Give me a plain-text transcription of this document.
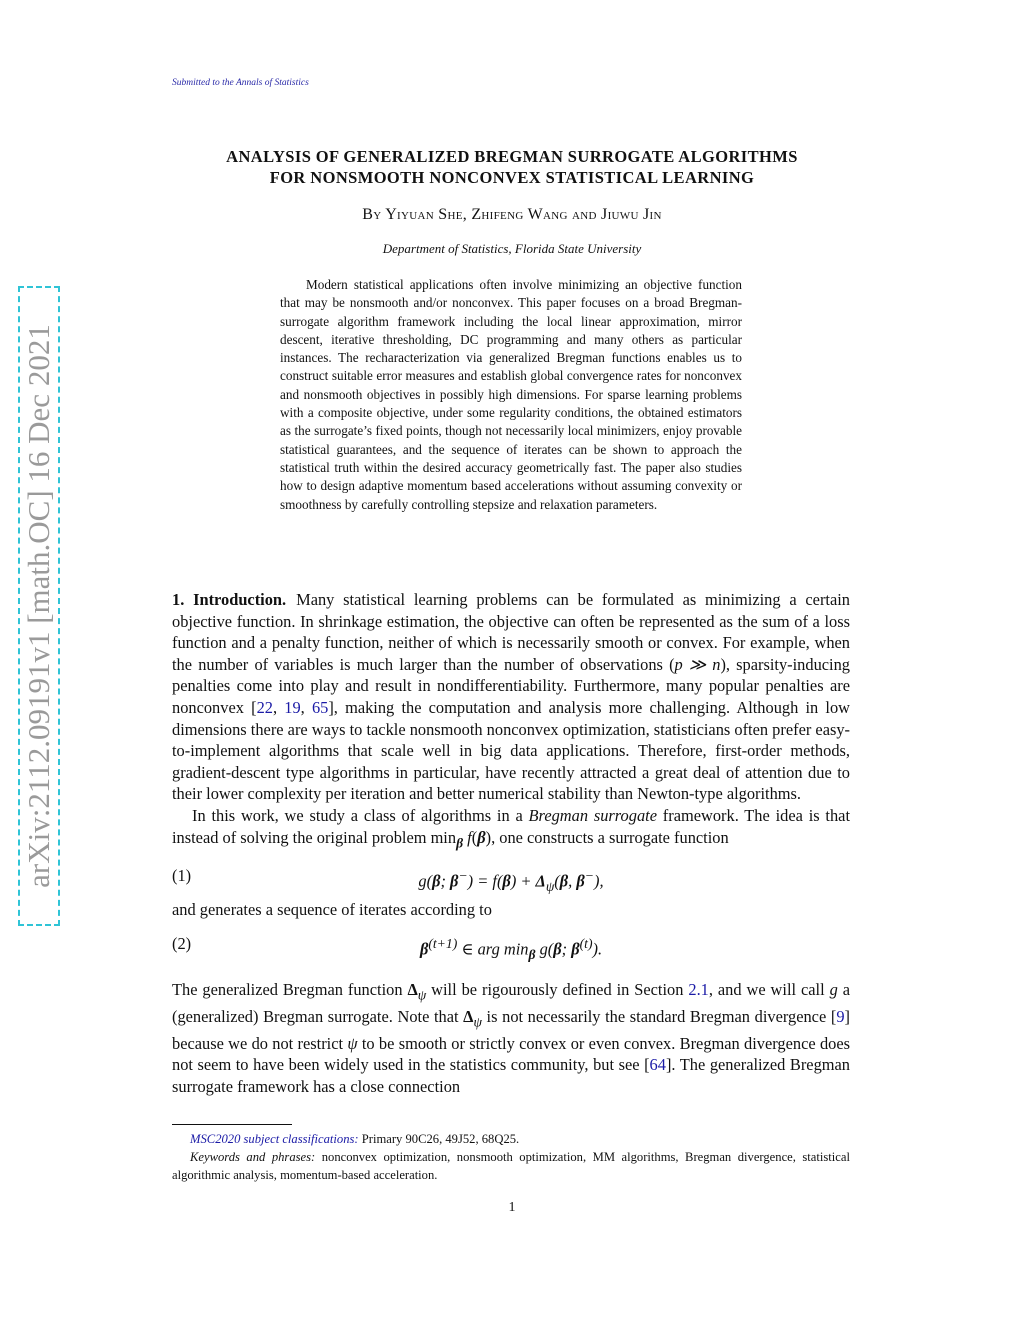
arXiv:2112.09191v1 [math.OC] 16 Dec 2021
Submitted to the Annals of Statistics
ANALYSIS OF GENERALIZED BREGMAN SURROGATE ALGORITHMS
FOR NONSMOOTH NONCONVEX STATISTICAL LEARNING
By Yiyuan She, Zhifeng Wang and Jiuwu Jin
Department of Statistics, Florida State University
Modern statistical applications often involve minimizing an objective function that may be nonsmooth and/or nonconvex. This paper focuses on a broad Bregman-surrogate algorithm framework including the local linear approximation, mirror descent, iterative thresholding, DC programming and many others as particular instances. The recharacterization via generalized Bregman functions enables us to construct suitable error measures and establish global convergence rates for nonconvex and nonsmooth objectives in possibly high dimensions. For sparse learning problems with a composite objective, under some regularity conditions, the obtained estimators as the surrogate’s fixed points, though not necessarily local minimizers, enjoy provable statistical guarantees, and the sequence of iterates can be shown to approach the statistical truth within the desired accuracy geometrically fast. The paper also studies how to design adaptive momentum based accelerations without assuming convexity or smoothness by carefully controlling stepsize and relaxation parameters.

1. Introduction. Many statistical learning problems can be formulated as minimizing a certain objective function. In shrinkage estimation, the objective can often be represented as the sum of a loss function and a penalty function, neither of which is necessarily smooth or convex. For example, when the number of variables is much larger than the number of observations (p ≫ n), sparsity-inducing penalties come into play and result in nondifferentiability. Furthermore, many popular penalties are nonconvex [22, 19, 65], making the computation and analysis more challenging. Although in low dimensions there are ways to tackle nonsmooth nonconvex optimization, statisticians often prefer easy-to-implement algorithms that scale well in big data applications. Therefore, first-order methods, gradient-descent type algorithms in particular, have recently attracted a great deal of attention due to their lower complexity per iteration and better numerical stability than Newton-type algorithms.

In this work, we study a class of algorithms in a Bregman surrogate framework. The idea is that instead of solving the original problem $\min_\beta f(\beta)$, one constructs a surrogate function

(1)	g(β; $\beta^-) = f(\beta) + \Delta_\psi(\beta$, β−),

and generates a sequence of iterates according to

(2)	$\beta^{(t+1)}$ ∈ arg $\min_\beta g(\beta$; $\beta^{(t)}$).

The generalized Bregman function $\Delta_\psi$ will be rigourously defined in Section 2.1, and we will call g a (generalized) Bregman surrogate. Note that $\Delta_\psi$ is not necessarily the standard Bregman divergence [9] because we do not restrict ψ to be smooth or strictly convex or even convex. Bregman divergence does not seem to have been widely used in the statistics community, but see [64]. The generalized Bregman surrogate framework has a close connection

MSC2020 subject classifications: Primary 90C26, 49J52, 68Q25.

Keywords and phrases: nonconvex optimization, nonsmooth optimization, MM algorithms, Bregman divergence, statistical algorithmic analysis, momentum-based acceleration.

1
